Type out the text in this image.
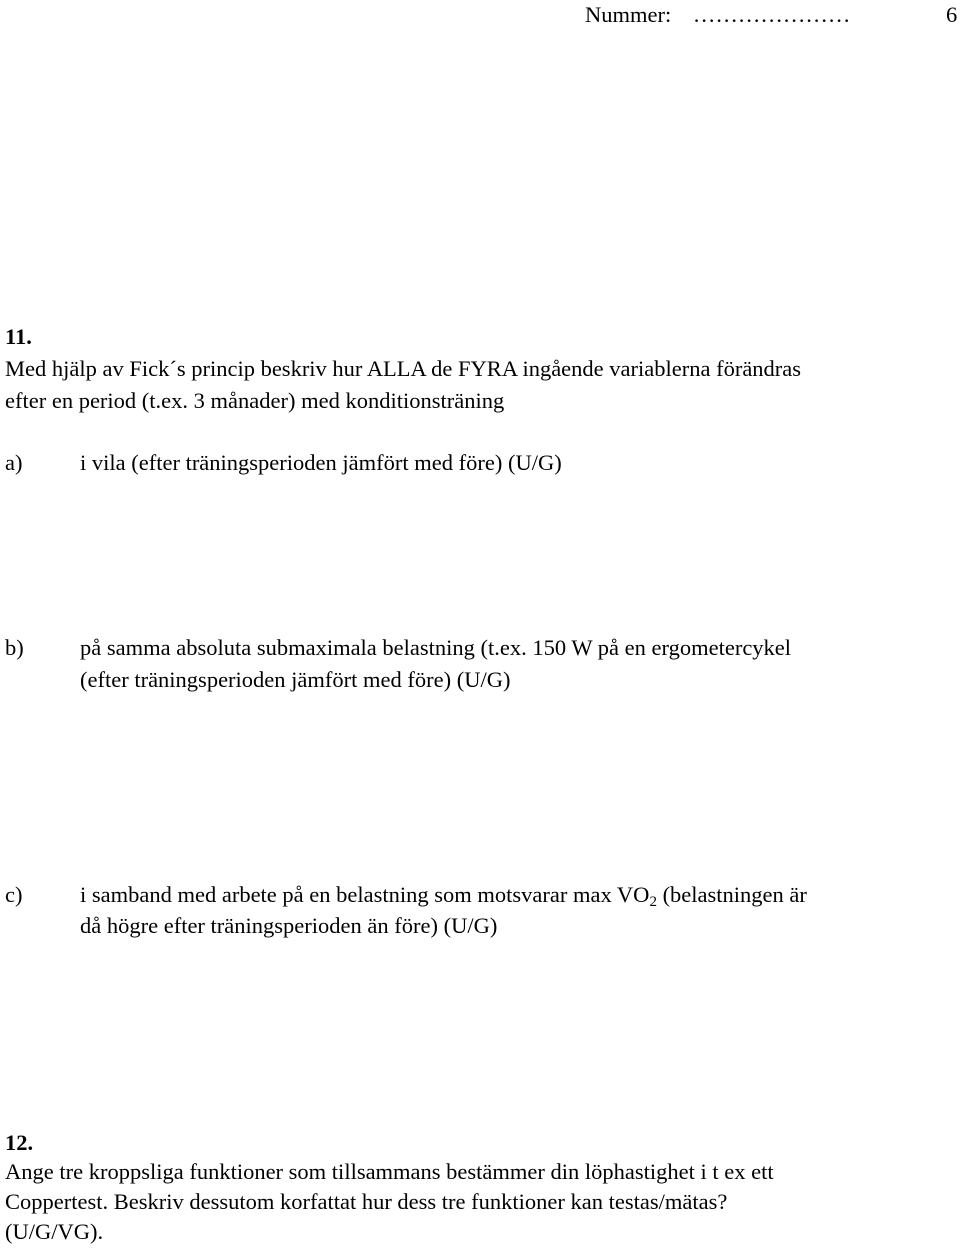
Nummer: …………………	6
11.
Med hjälp av Fick´s princip beskriv hur ALLA de FYRA ingående variablerna förändras
efter en period (t.ex. 3 månader) med konditionsträning
a)	i vila (efter träningsperioden jämfört med före) (U/G)
b)	på samma absoluta submaximala belastning (t.ex. 150 W på en ergometercykel
(efter träningsperioden jämfört med före) (U/G)
c)	i samband med arbete på en belastning som motsvarar $\max VO_2$ (belastningen är
då högre efter träningsperioden än före) (U/G)
12.
Ange tre kroppsliga funktioner som tillsammans bestämmer din löphastighet i t ex ett
Coppertest. Beskriv dessutom korfattat hur dess tre funktioner kan testas/mätas?
(U/G/VG).
